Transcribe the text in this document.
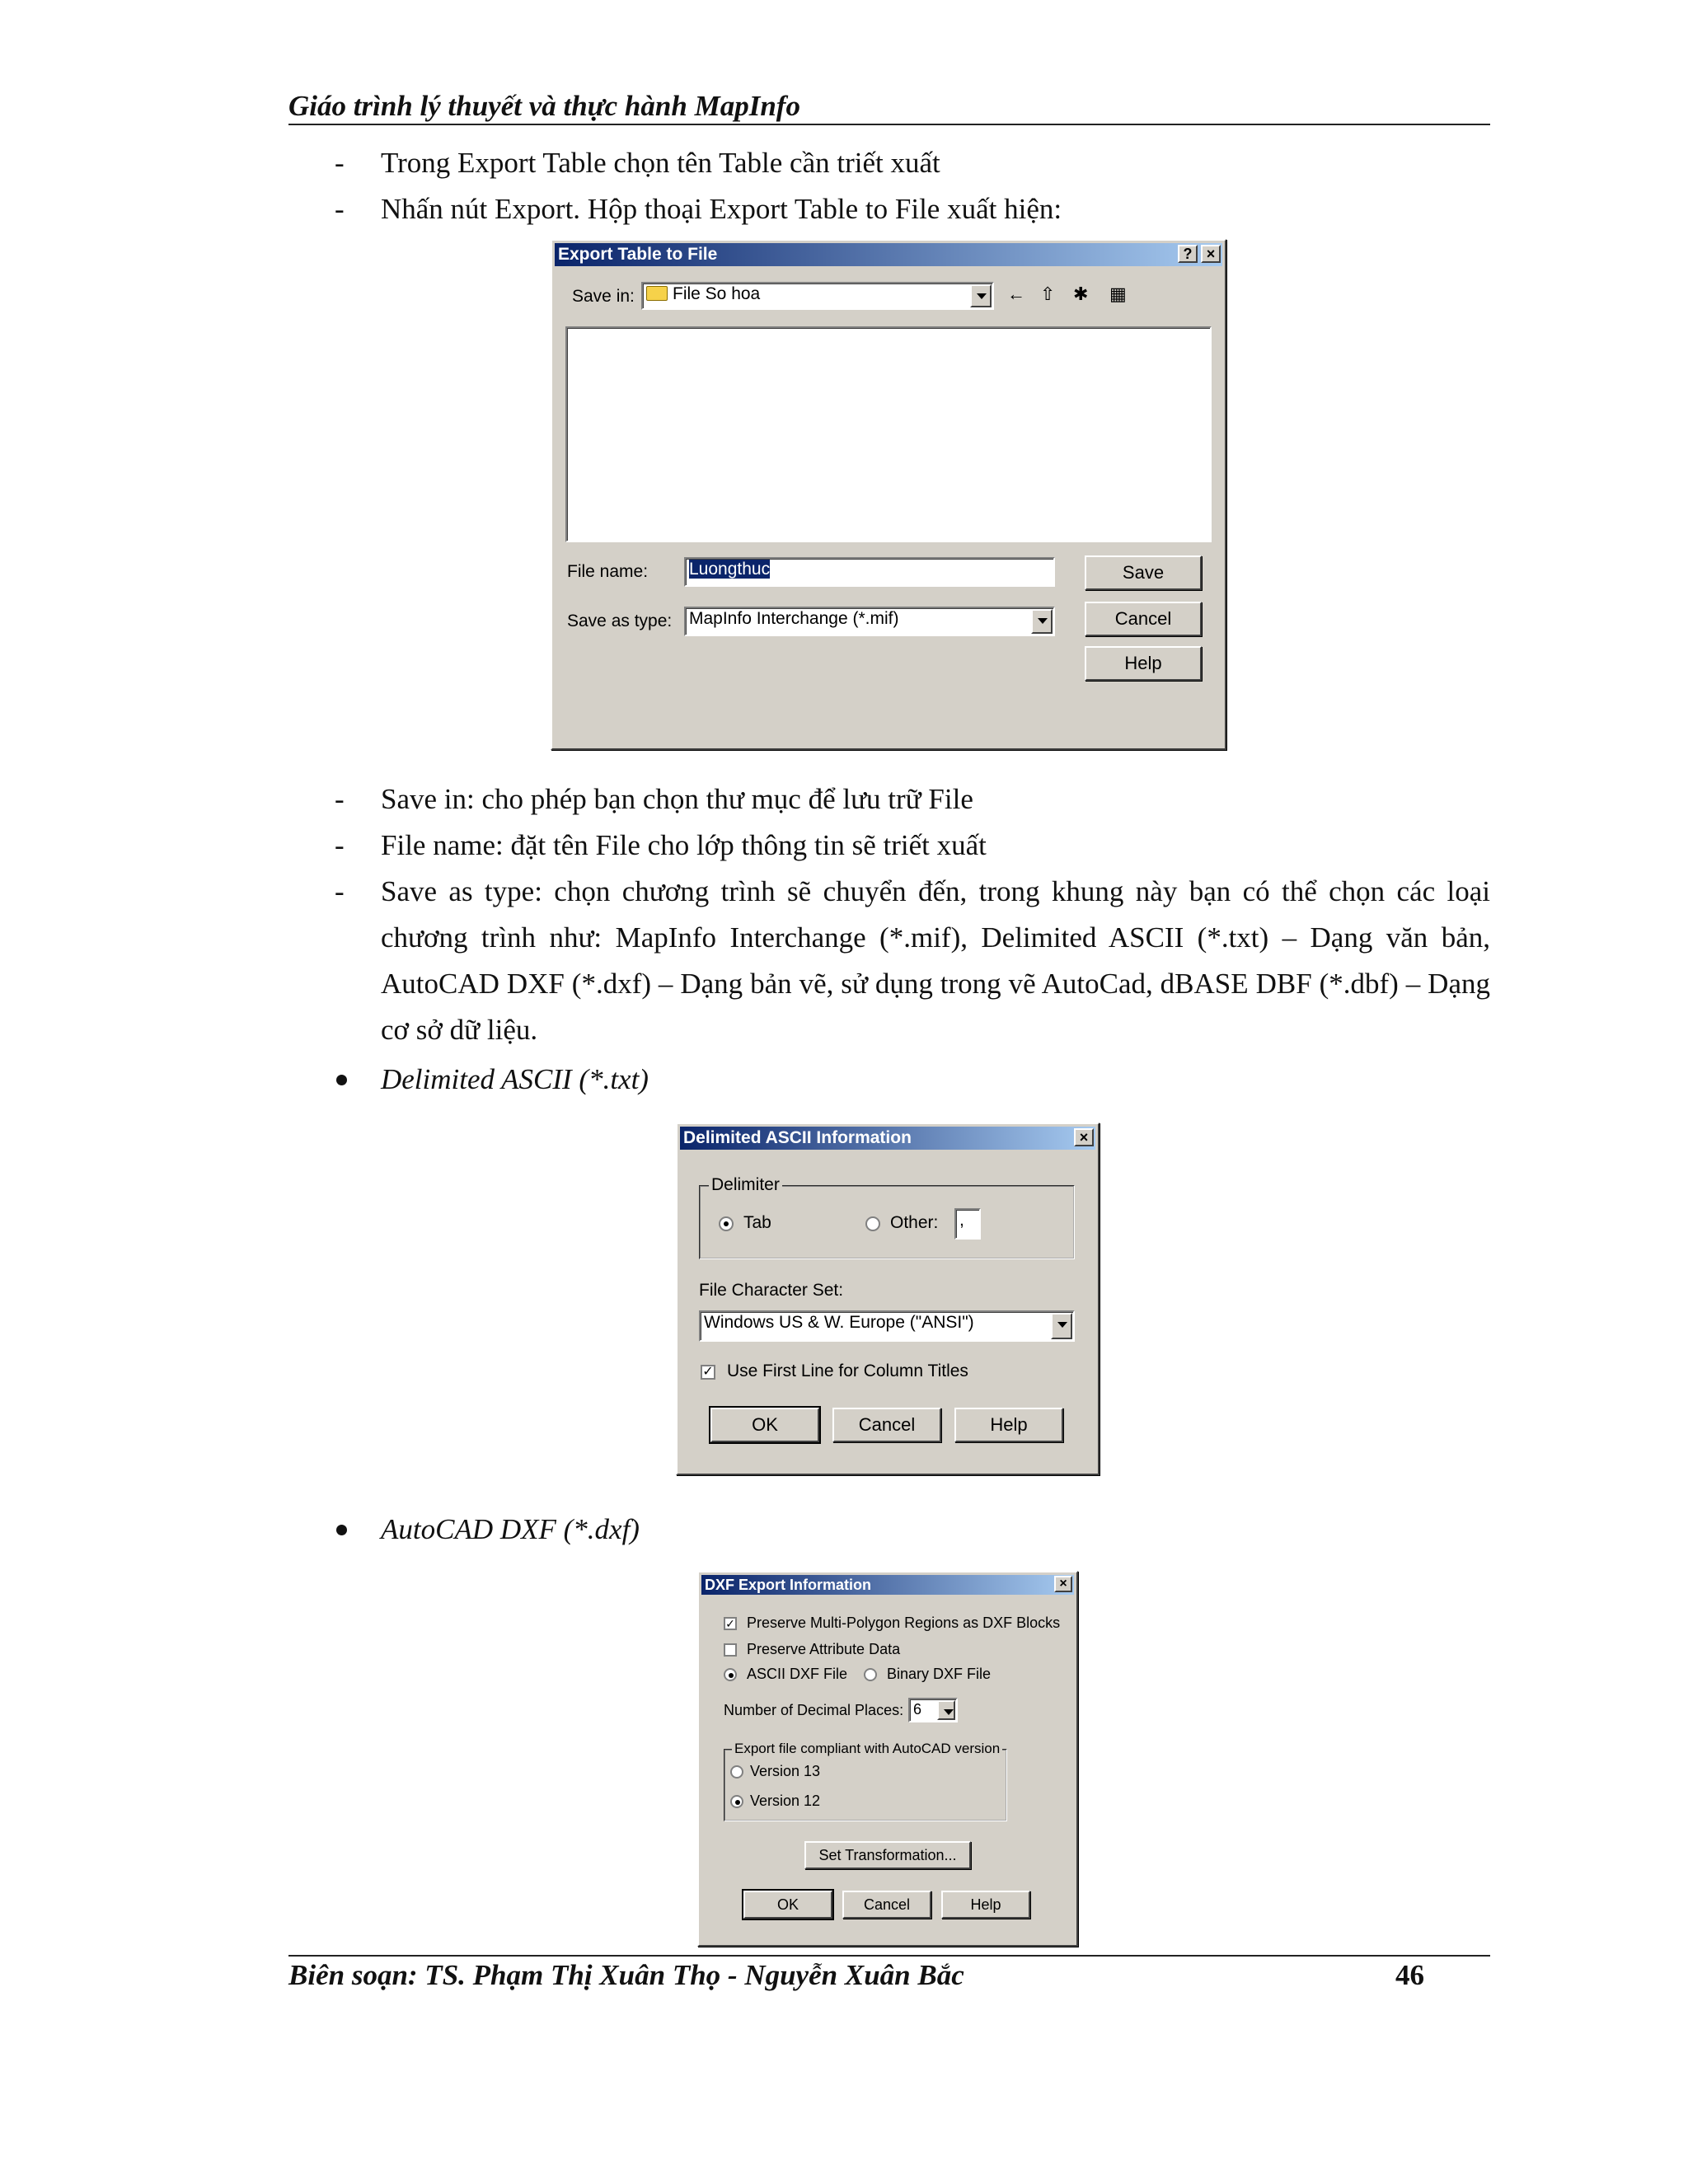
Giáo trình lý thuyết và thực hành MapInfo
- Trong Export Table chọn tên Table cần triết xuất
- Nhấn nút Export. Hộp thoại Export Table to File xuất hiện:
Export Table to File	? ×
Save in:	File So hoa	← ⇧ ✱ ▦
File name: Luongthuc
Save as type: MapInfo Interchange (*.mif)
Save
Cancel
Help
- Save in: cho phép bạn chọn thư mục để lưu trữ File
- File name: đặt tên File cho lớp thông tin sẽ triết xuất
- Save as type: chọn chương trình sẽ chuyển đến, trong khung này bạn có thể chọn các loại chương trình như: MapInfo Interchange (*.mif), Delimited ASCII (*.txt) – Dạng văn bản, AutoCAD DXF (*.dxf) – Dạng bản vẽ, sử dụng trong vẽ AutoCad, dBASE DBF (*.dbf) – Dạng cơ sở dữ liệu.
Delimited ASCII (*.txt)
Delimited ASCII Information	×
Delimiter
Tab	Other: ,
File Character Set:
Windows US & W. Europe ("ANSI")
✓ Use First Line for Column Titles
OK	Cancel	Help
AutoCAD DXF (*.dxf)
DXF Export Information	×
✓ Preserve Multi-Polygon Regions as DXF Blocks
Preserve Attribute Data
ASCII DXF File	Binary DXF File
Number of Decimal Places: 6
Export file compliant with AutoCAD version
Version 13
Version 12
Set Transformation...
OK	Cancel	Help
Biên soạn: TS. Phạm Thị Xuân Thọ - Nguyễn Xuân Bắc	46
